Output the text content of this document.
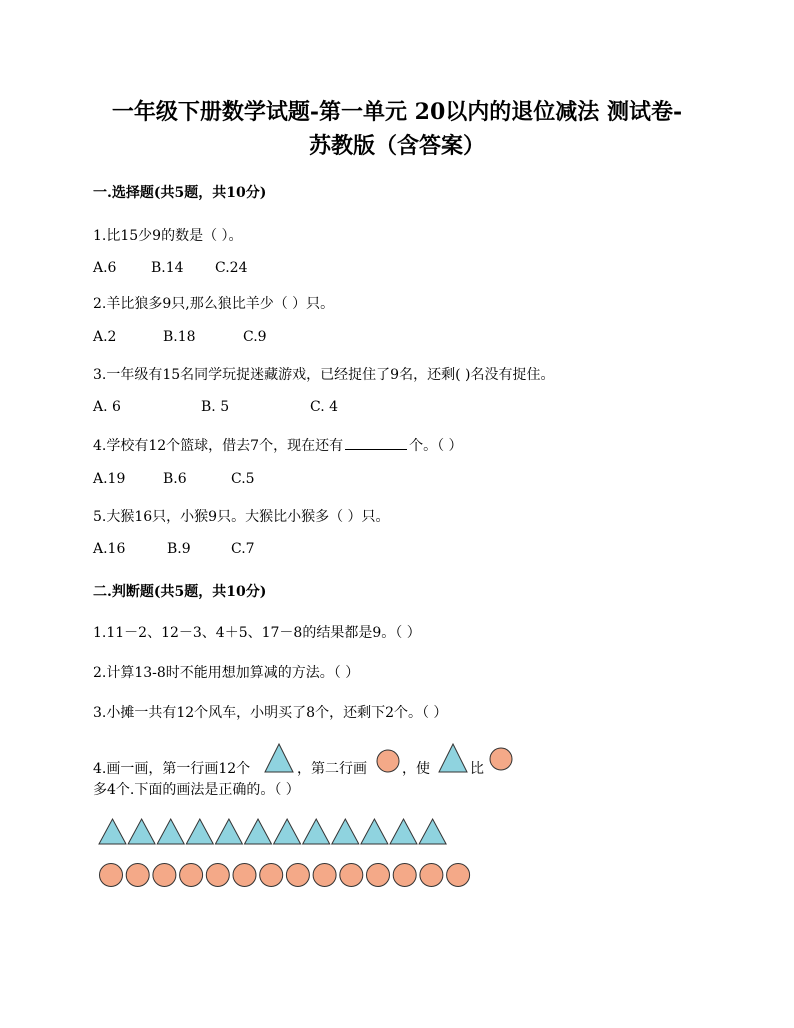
一年级下册数学试题-第一单元 20以内的退位减法 测试卷-
苏教版（含答案）
一.选择题(共5题，共10分)
1.比15少9的数是（ ）。
A.6 B.14 C.24
2.羊比狼多9只,那么狼比羊少（ ）只。
A.2	B.18	C.9
3.一年级有15名同学玩捉迷藏游戏，已经捉住了9名，还剩( )名没有捉住。
A. 6	B. 5	C. 4
4.学校有12个篮球，借去7个，现在还有	个。（ ）
A.19	B.6	C.5
5.大猴16只，小猴9只。大猴比小猴多（ ）只。
A.16	B.9	C.7
二.判断题(共5题，共10分)
1.11－2、12－3、4＋5、17－8的结果都是9。（ ）
2.计算13-8时不能用想加算减的方法。（ ）
3.小摊一共有12个风车，小明买了8个，还剩下2个。（ ）
4.画一画，第一行画12个	，第二行画	，使	比
多4个.下面的画法是正确的。（ ）
